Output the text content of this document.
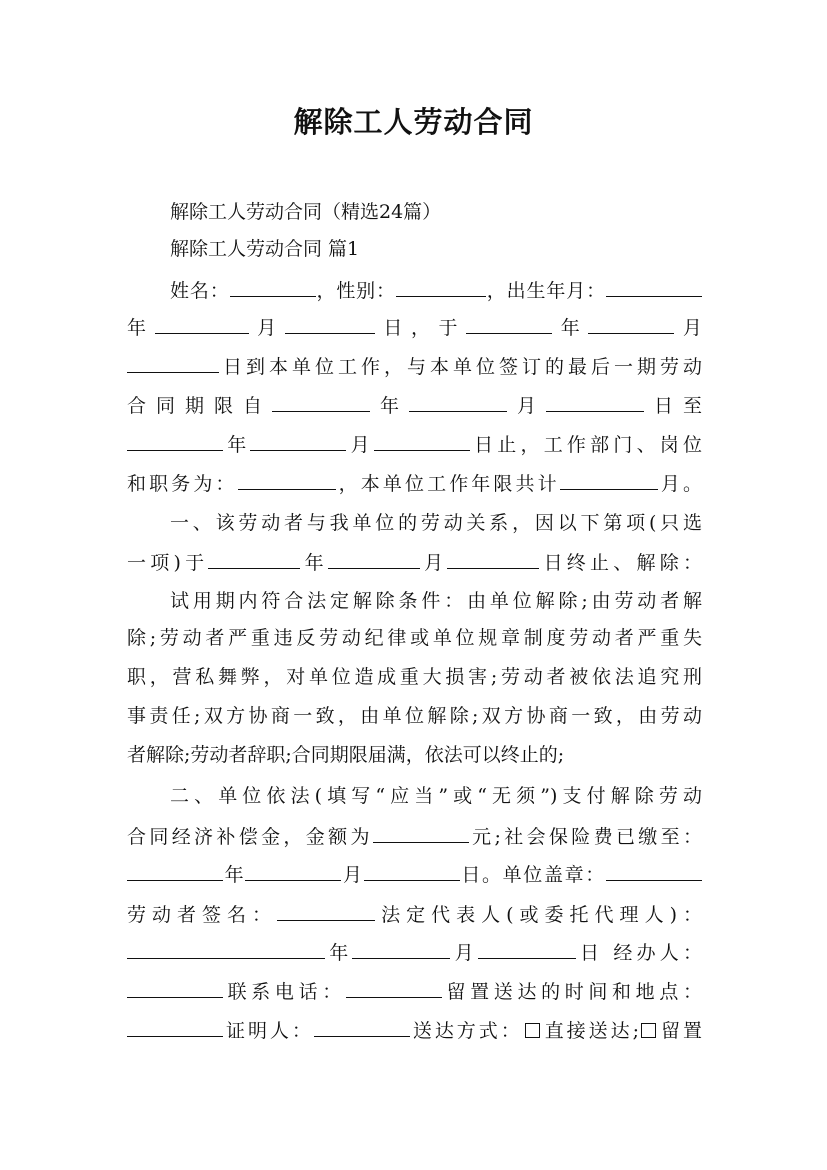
解除工人劳动合同
解除工人劳动合同（精选24篇）
解除工人劳动合同 篇1
姓名：	，性别：	，出生年月：
年	月	日，于	年	月
日到本单位工作，与本单位签订的最后一期劳动
合同期限自	年	月	日至
年	月	日止，工作部门、岗位
和职务为：	，本单位工作年限共计	月。
一、该劳动者与我单位的劳动关系，因以下第项(只选
一项)于	年	月	日终止、解除：
试用期内符合法定解除条件：由单位解除;由劳动者解
除;劳动者严重违反劳动纪律或单位规章制度劳动者严重失
职，营私舞弊，对单位造成重大损害;劳动者被依法追究刑
事责任;双方协商一致，由单位解除;双方协商一致，由劳动
者解除;劳动者辞职;合同期限届满，依法可以终止的;
二、单位依法(填写“应当”或“无须”)支付解除劳动
合同经济补偿金，金额为	元;社会保险费已缴至：
年	月	日。单位盖章：
劳动者签名：	法定代表人(或委托代理人)：
年	月	日 经办人：
联系电话：	留置送达的时间和地点：
证明人：	送达方式： 直接送达; 留置
